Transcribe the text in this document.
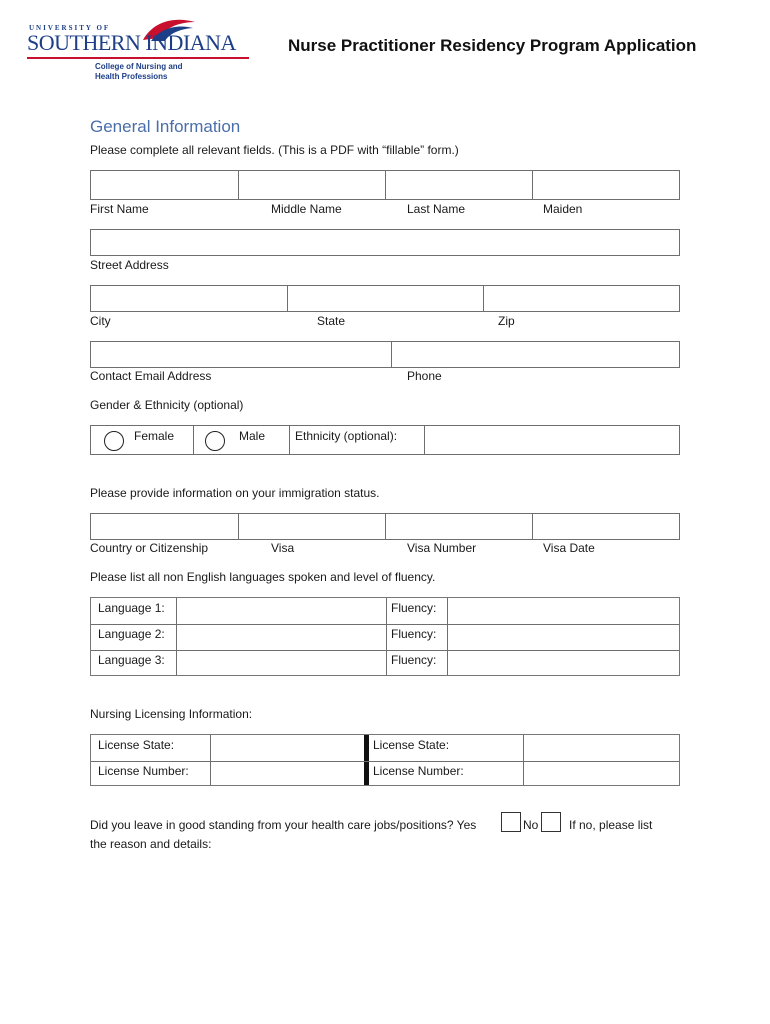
UNIVERSITY OF
SOUTHERN INDIANA
College of Nursing and
Health Professions
Nurse Practitioner Residency Program Application
General Information
Please complete all relevant fields. (This is a PDF with “fillable” form.)
First Name	Middle Name	Last Name	Maiden
Street Address
City	State	Zip
Contact Email Address	Phone
Gender & Ethnicity (optional)
Female	Male Ethnicity (optional):
Please provide information on your immigration status.
Country or Citizenship	Visa	Visa Number	Visa Date
Please list all non English languages spoken and level of fluency.
Language 1:	Fluency:
Language 2:	Fluency:
Language 3:	Fluency:
Nursing Licensing Information:
License State:	License State:
License Number:	License Number:
Did you leave in good standing from your health care jobs/positions? Yes	No	If no, please list
the reason and details:
